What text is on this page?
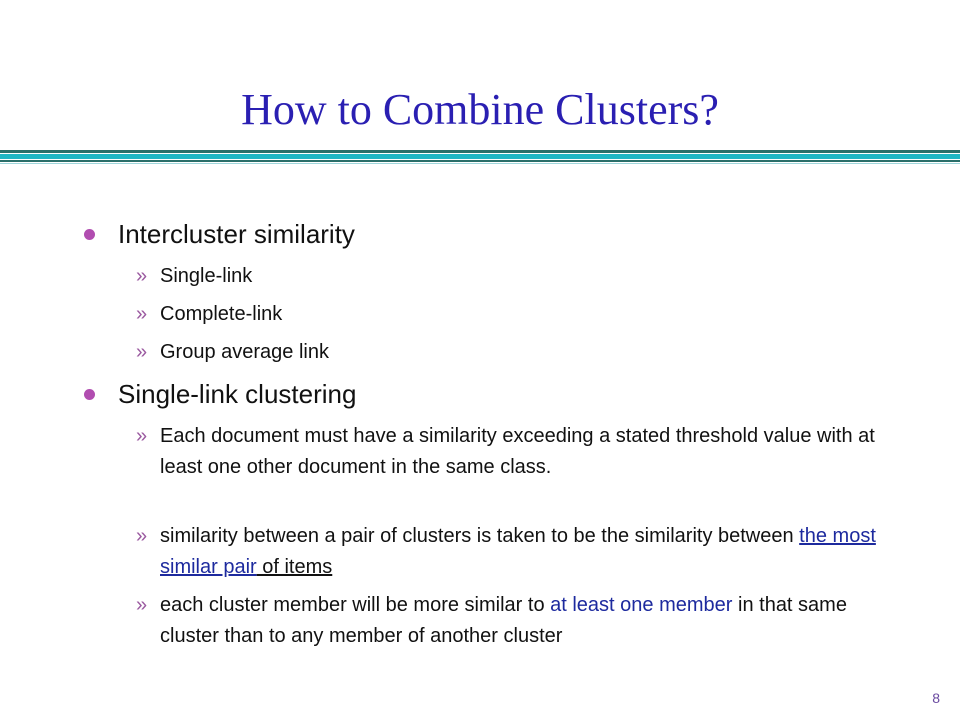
How to Combine Clusters?
Intercluster similarity
» Single-link
» Complete-link
» Group average link
Single-link clustering
» Each document must have a similarity exceeding a stated threshold value with at least one other document in the same class.
» similarity between a pair of clusters is taken to be the similarity between the most similar pair of items
» each cluster member will be more similar to at least one member in that same cluster than to any member of another cluster
8
